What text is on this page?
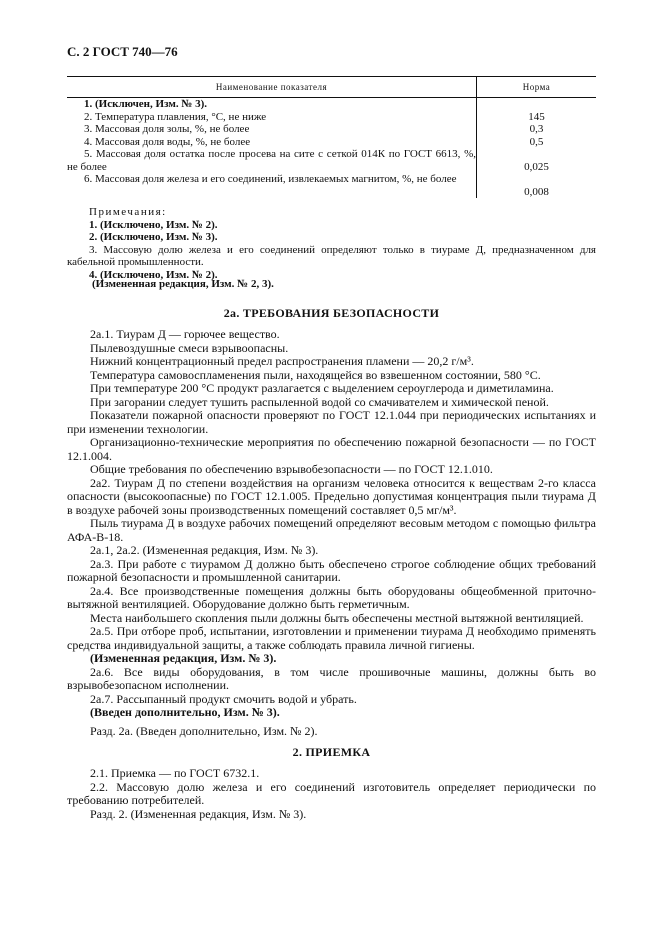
С. 2 ГОСТ 740—76
Наименование показателя	Норма
1. (Исключен, Изм. № 3).
2. Температура плавления, °С, не ниже
3. Массовая доля золы, %, не более
4. Массовая доля воды, %, не более
5. Массовая доля остатка после просева на сите с сеткой 014К по ГОСТ 6613, %, не более
6. Массовая доля железа и его соединений, извлекаемых магнитом, %, не более
145
0,3
0,5
0,025
0,008
Примечания:
1. (Исключено, Изм. № 2).
2. (Исключено, Изм. № 3).
3. Массовую долю железа и его соединений определяют только в тиураме Д, предназначенном для кабельной промышленности.
4. (Исключено, Изм. № 2).
(Измененная редакция, Изм. № 2, 3).
2а. ТРЕБОВАНИЯ БЕЗОПАСНОСТИ

2а.1. Тиурам Д — горючее вещество.

Пылевоздушные смеси взрывоопасны.

Нижний концентрационный предел распространения пламени — 20,2 г/м³.

Температура самовоспламенения пыли, находящейся во взвешенном состоянии, 580 °С.

При температуре 200 °С продукт разлагается с выделением сероуглерода и диметиламина.

При загорании следует тушить распыленной водой со смачивателем и химической пеной.

Показатели пожарной опасности проверяют по ГОСТ 12.1.044 при периодических испытаниях и при изменении технологии.

Организационно-технические мероприятия по обеспечению пожарной безопасности — по ГОСТ 12.1.004.

Общие требования по обеспечению взрывобезопасности — по ГОСТ 12.1.010.

2а2. Тиурам Д по степени воздействия на организм человека относится к веществам 2-го класса опасности (высокоопасные) по ГОСТ 12.1.005. Предельно допустимая концентрация пыли тиурама Д в воздухе рабочей зоны производственных помещений составляет 0,5 мг/м³.

Пыль тиурама Д в воздухе рабочих помещений определяют весовым методом с помощью фильтра АФА-В-18.

2а.1, 2а.2. (Измененная редакция, Изм. № 3).

2а.3. При работе с тиурамом Д должно быть обеспечено строгое соблюдение общих требований пожарной безопасности и промышленной санитарии.

2а.4. Все производственные помещения должны быть оборудованы общеобменной приточно-вытяжной вентиляцией. Оборудование должно быть герметичным.

Места наибольшего скопления пыли должны быть обеспечены местной вытяжной вентиляцией.

2а.5. При отборе проб, испытании, изготовлении и применении тиурама Д необходимо применять средства индивидуальной защиты, а также соблюдать правила личной гигиены.

(Измененная редакция, Изм. № 3).

2а.6. Все виды оборудования, в том числе прошивочные машины, должны быть во взрывобезопасном исполнении.

2а.7. Рассыпанный продукт смочить водой и убрать.

(Введен дополнительно, Изм. № 3).

Разд. 2а. (Введен дополнительно, Изм. № 2).

2. ПРИЕМКА

2.1. Приемка — по ГОСТ 6732.1.

2.2. Массовую долю железа и его соединений изготовитель определяет периодически по требованию потребителей.

Разд. 2. (Измененная редакция, Изм. № 3).
